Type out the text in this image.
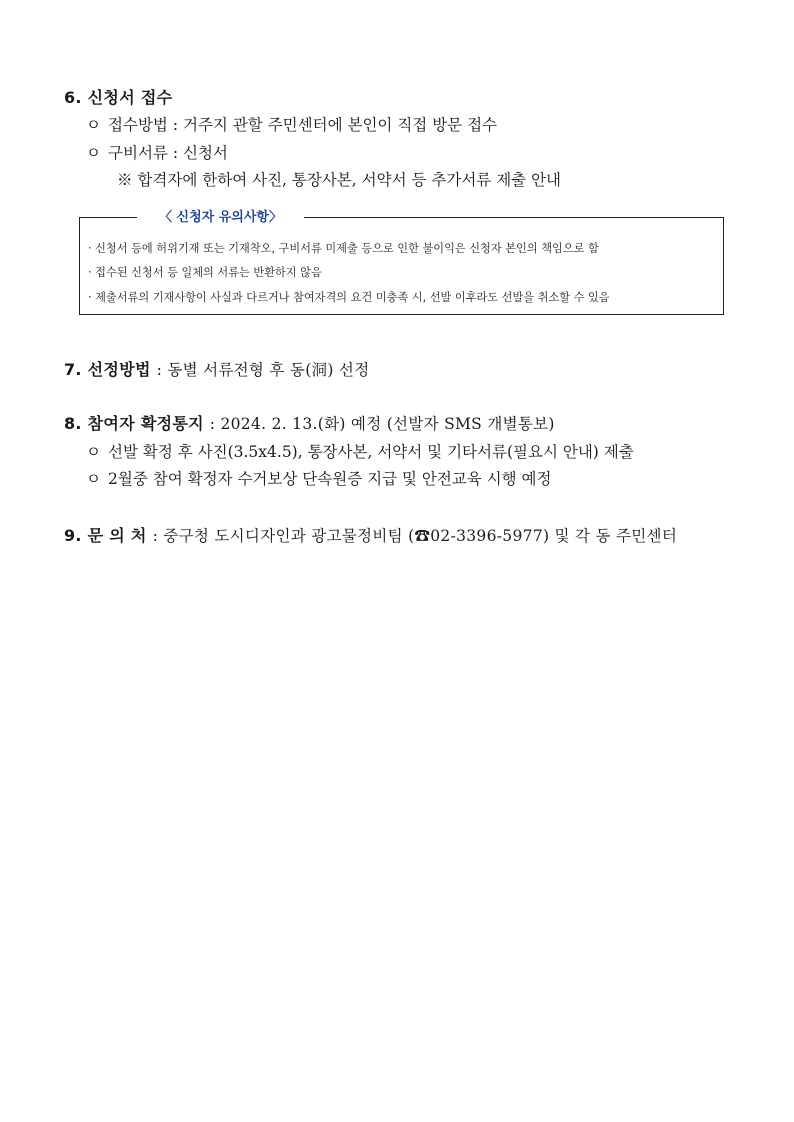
6. 신청서 접수
ㅇ 접수방법 : 거주지 관할 주민센터에 본인이 직접 방문 접수
ㅇ 구비서류 : 신청서
※ 합격자에 한하여 사진, 통장사본, 서약서 등 추가서류 제출 안내
〈 신청자 유의사항〉
· 신청서 등에 허위기재 또는 기재착오, 구비서류 미제출 등으로 인한 불이익은 신청자 본인의 책임으로 함
· 접수된 신청서 등 일체의 서류는 반환하지 않음
· 제출서류의 기재사항이 사실과 다르거나 참여자격의 요건 미충족 시, 선발 이후라도 선발을 취소할 수 있음
7. 선정방법 : 동별 서류전형 후 동(洞) 선정
8. 참여자 확정통지 : 2024. 2. 13.(화) 예정 (선발자 SMS 개별통보)
ㅇ 선발 확정 후 사진(3.5x4.5), 통장사본, 서약서 및 기타서류(필요시 안내) 제출
ㅇ 2월중 참여 확정자 수거보상 단속원증 지급 및 안전교육 시행 예정
9. 문 의 처 : 중구청 도시디자인과 광고물정비팀 (☎02-3396-5977) 및 각 동 주민센터
